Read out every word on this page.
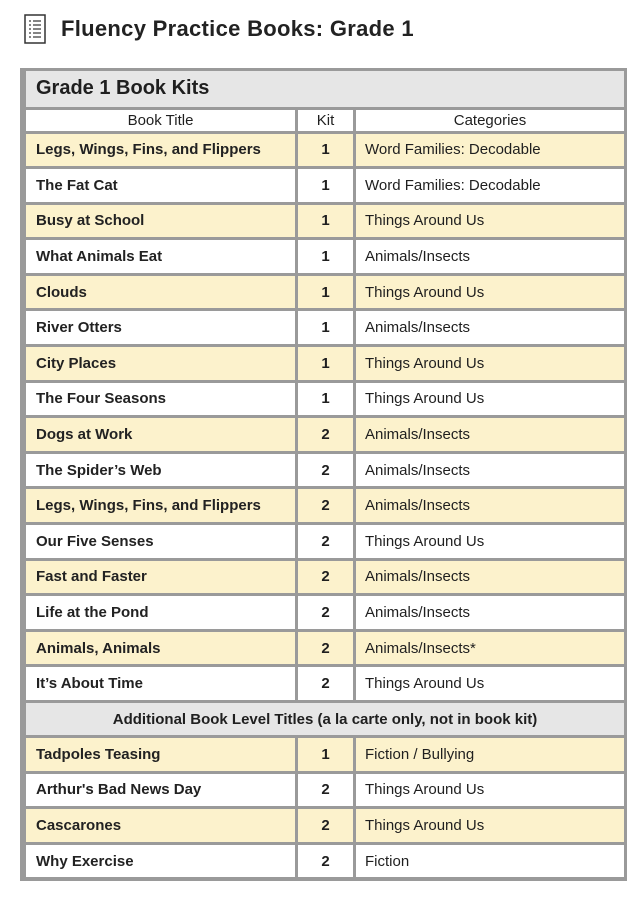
Fluency Practice Books: Grade 1
Grade 1 Book Kits		
Book Title	Kit	Categories
Legs, Wings, Fins, and Flippers	1	Word Families: Decodable
The Fat Cat	1	Word Families: Decodable
Busy at School	1	Things Around Us
What Animals Eat	1	Animals/Insects
Clouds	1	Things Around Us
River Otters	1	Animals/Insects
City Places	1	Things Around Us
The Four Seasons	1	Things Around Us
Dogs at Work	2	Animals/Insects
The Spider’s Web	2	Animals/Insects
Legs, Wings, Fins, and Flippers	2	Animals/Insects
Our Five Senses	2	Things Around Us
Fast and Faster	2	Animals/Insects
Life at the Pond	2	Animals/Insects
Animals, Animals	2	Animals/Insects*
It’s About Time	2	Things Around Us
Additional Book Level Titles (a la carte only, not in book kit)		
Tadpoles Teasing	1	Fiction / Bullying
Arthur's Bad News Day	2	Things Around Us
Cascarones	2	Things Around Us
Why Exercise	2	Fiction
